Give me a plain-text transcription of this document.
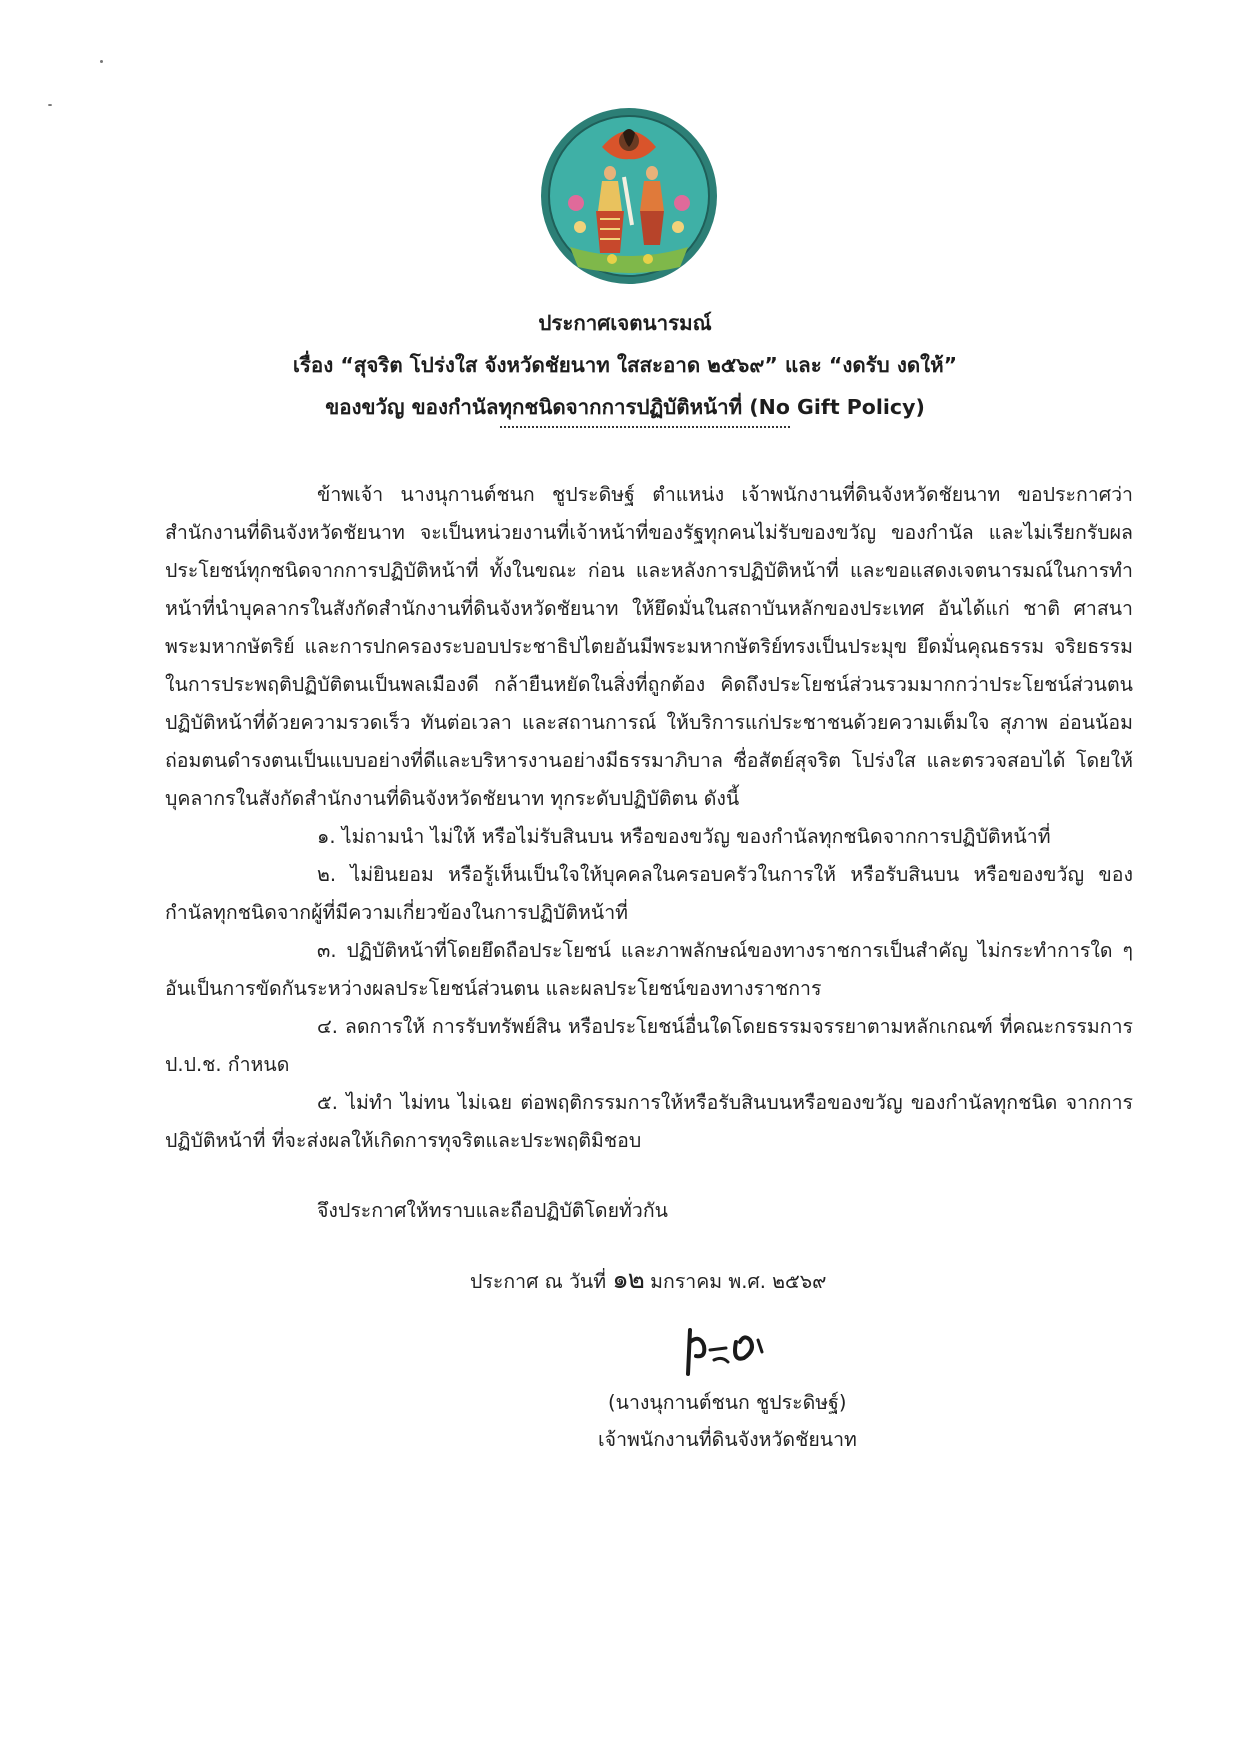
ประกาศเจตนารมณ์
เรื่อง “สุจริต โปร่งใส จังหวัดชัยนาท ใสสะอาด ๒๕๖๙” และ “งดรับ งดให้”
ของขวัญ ของกำนัลทุกชนิดจากการปฏิบัติหน้าที่ (No Gift Policy)

ข้าพเจ้า นางนุกานต์ชนก ชูประดิษฐ์ ตำแหน่ง เจ้าพนักงานที่ดินจังหวัดชัยนาท ขอประกาศว่า สำนักงานที่ดินจังหวัดชัยนาท จะเป็นหน่วยงานที่เจ้าหน้าที่ของรัฐทุกคนไม่รับของขวัญ ของกำนัล และไม่เรียกรับผลประโยชน์ทุกชนิดจากการปฏิบัติหน้าที่ ทั้งในขณะ ก่อน และหลังการปฏิบัติหน้าที่ และขอแสดงเจตนารมณ์ในการทำหน้าที่นำบุคลากรในสังกัดสำนักงานที่ดินจังหวัดชัยนาท ให้ยึดมั่นในสถาบันหลักของประเทศ อันได้แก่ ชาติ ศาสนา พระมหากษัตริย์ และการปกครองระบอบประชาธิปไตยอันมีพระมหากษัตริย์ทรงเป็นประมุข ยึดมั่นคุณธรรม จริยธรรมในการประพฤติปฏิบัติตนเป็นพลเมืองดี กล้ายืนหยัดในสิ่งที่ถูกต้อง คิดถึงประโยชน์ส่วนรวมมากกว่าประโยชน์ส่วนตน ปฏิบัติหน้าที่ด้วยความรวดเร็ว ทันต่อเวลา และสถานการณ์ ให้บริการแก่ประชาชนด้วยความเต็มใจ สุภาพ อ่อนน้อมถ่อมตนดำรงตนเป็นแบบอย่างที่ดีและบริหารงานอย่างมีธรรมาภิบาล ซื่อสัตย์สุจริต โปร่งใส และตรวจสอบได้ โดยให้บุคลากรในสังกัดสำนักงานที่ดินจังหวัดชัยนาท ทุกระดับปฏิบัติตน ดังนี้

๑. ไม่ถามนำ ไม่ให้ หรือไม่รับสินบน หรือของขวัญ ของกำนัลทุกชนิดจากการปฏิบัติหน้าที่

๒. ไม่ยินยอม หรือรู้เห็นเป็นใจให้บุคคลในครอบครัวในการให้ หรือรับสินบน หรือของขวัญ ของกำนัลทุกชนิดจากผู้ที่มีความเกี่ยวข้องในการปฏิบัติหน้าที่

๓. ปฏิบัติหน้าที่โดยยึดถือประโยชน์ และภาพลักษณ์ของทางราชการเป็นสำคัญ ไม่กระทำการใด ๆ อันเป็นการขัดกันระหว่างผลประโยชน์ส่วนตน และผลประโยชน์ของทางราชการ

๔. ลดการให้ การรับทรัพย์สิน หรือประโยชน์อื่นใดโดยธรรมจรรยาตามหลักเกณฑ์ ที่คณะกรรมการ ป.ป.ช. กำหนด

๕. ไม่ทำ ไม่ทน ไม่เฉย ต่อพฤติกรรมการให้หรือรับสินบนหรือของขวัญ ของกำนัลทุกชนิด จากการปฏิบัติหน้าที่ ที่จะส่งผลให้เกิดการทุจริตและประพฤติมิชอบ

จึงประกาศให้ทราบและถือปฏิบัติโดยทั่วกัน
ประกาศ ณ วันที่ ๑๒ มกราคม พ.ศ. ๒๕๖๙
(นางนุกานต์ชนก ชูประดิษฐ์)
เจ้าพนักงานที่ดินจังหวัดชัยนาท
